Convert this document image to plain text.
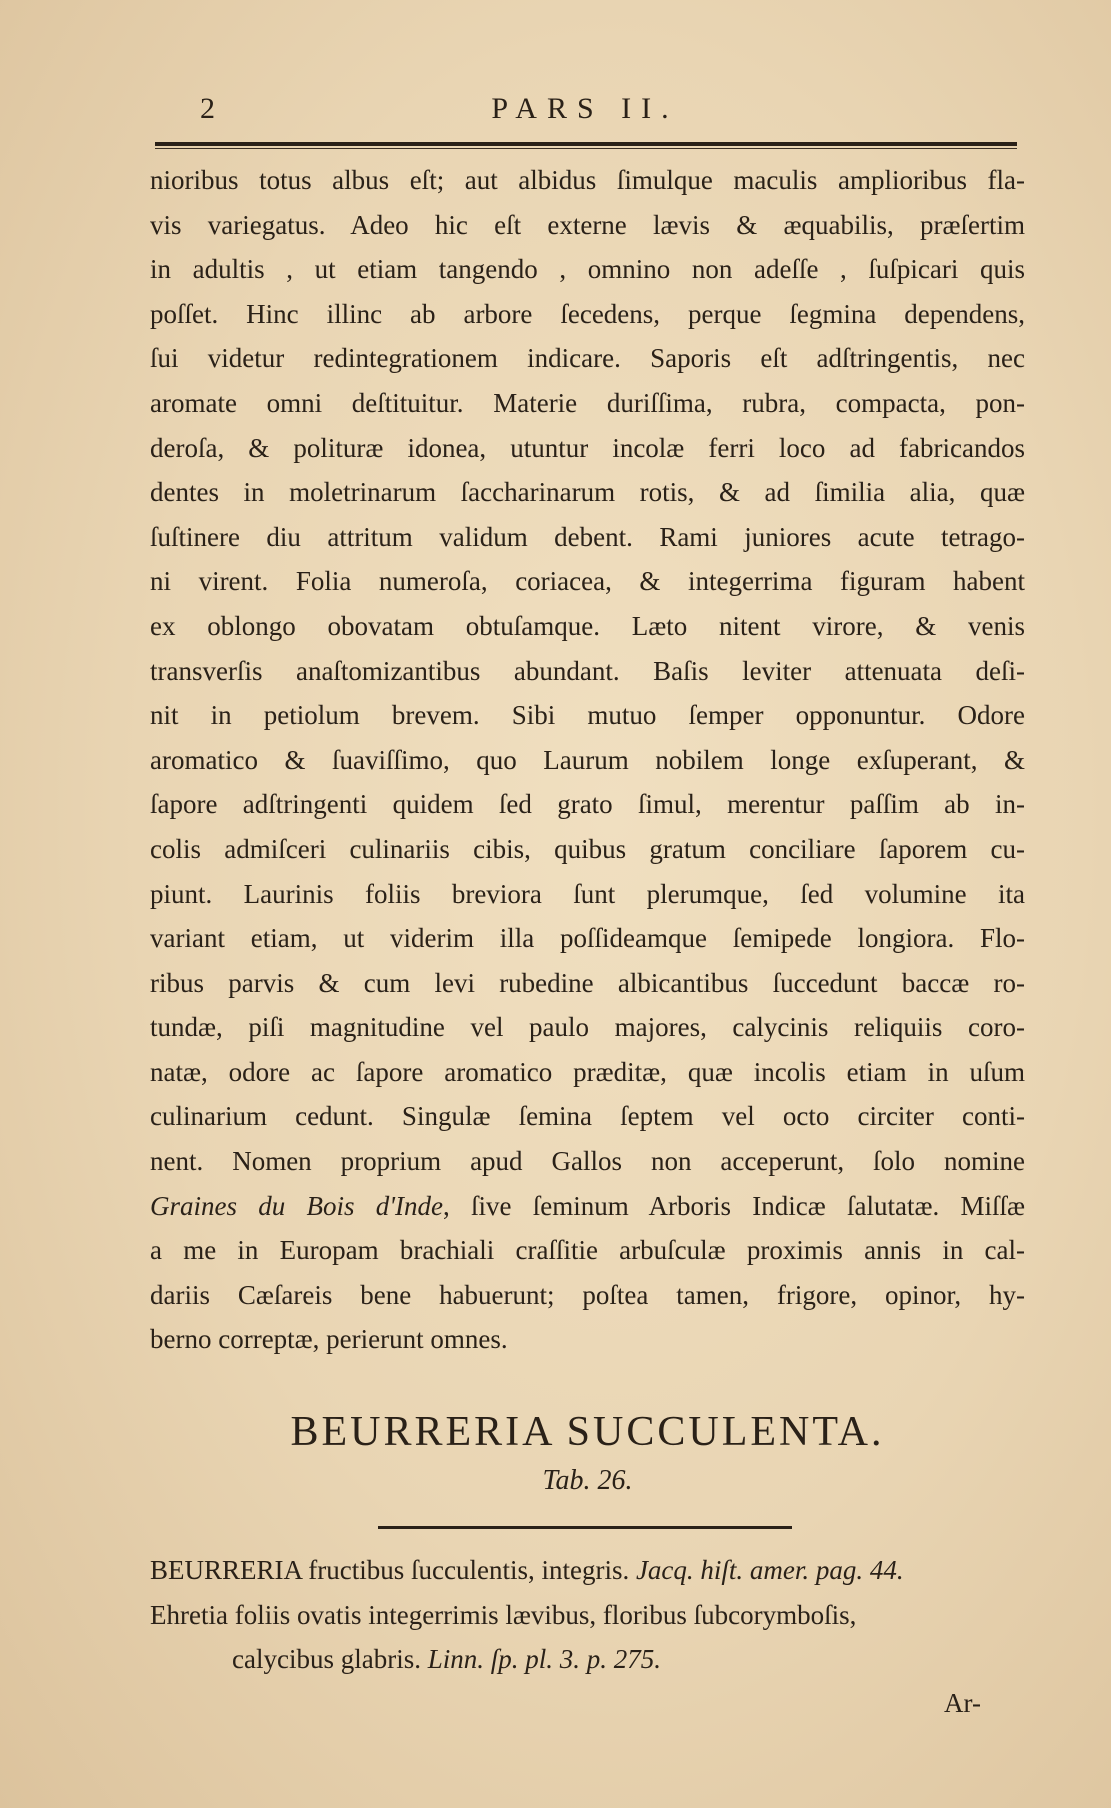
2	PARS II.
nioribus totus albus eſt; aut albidus ſimulque maculis amplioribus fla-
vis variegatus. Adeo hic eſt externe lævis & æquabilis, præſertim
in adultis , ut etiam tangendo , omnino non adeſſe , ſuſpicari quis
poſſet. Hinc illinc ab arbore ſecedens, perque ſegmina dependens,
ſui videtur redintegrationem indicare. Saporis eſt adſtringentis, nec
aromate omni deſtituitur. Materie duriſſima, rubra, compacta, pon-
deroſa, & polituræ idonea, utuntur incolæ ferri loco ad fabricandos
dentes in moletrinarum ſaccharinarum rotis, & ad ſimilia alia, quæ
ſuſtinere diu attritum validum debent. Rami juniores acute tetrago-
ni virent. Folia numeroſa, coriacea, & integerrima figuram habent
ex oblongo obovatam obtuſamque. Læto nitent virore, & venis
transverſis anaſtomizantibus abundant. Baſis leviter attenuata deſi-
nit in petiolum brevem. Sibi mutuo ſemper opponuntur. Odore
aromatico & ſuaviſſimo, quo Laurum nobilem longe exſuperant, &
ſapore adſtringenti quidem ſed grato ſimul, merentur paſſim ab in-
colis admiſceri culinariis cibis, quibus gratum conciliare ſaporem cu-
piunt. Laurinis foliis breviora ſunt plerumque, ſed volumine ita
variant etiam, ut viderim illa poſſideamque ſemipede longiora. Flo-
ribus parvis & cum levi rubedine albicantibus ſuccedunt baccæ ro-
tundæ, piſi magnitudine vel paulo majores, calycinis reliquiis coro-
natæ, odore ac ſapore aromatico præditæ, quæ incolis etiam in uſum
culinarium cedunt. Singulæ ſemina ſeptem vel octo circiter conti-
nent. Nomen proprium apud Gallos non acceperunt, ſolo nomine
Graines du Bois d'Inde, ſive ſeminum Arboris Indicæ ſalutatæ. Miſſæ
a me in Europam brachiali craſſitie arbuſculæ proximis annis in cal-
dariis Cæſareis bene habuerunt; poſtea tamen, frigore, opinor, hy-
berno correptæ, perierunt omnes.
BEURRERIA SUCCULENTA.
Tab. 26.
BEURRERIA fructibus ſucculentis, integris. Jacq. hiſt. amer. pag. 44.
Ehretia foliis ovatis integerrimis lævibus, floribus ſubcorymboſis,
calycibus glabris. Linn. ſp. pl. 3. p. 275.
Ar-
